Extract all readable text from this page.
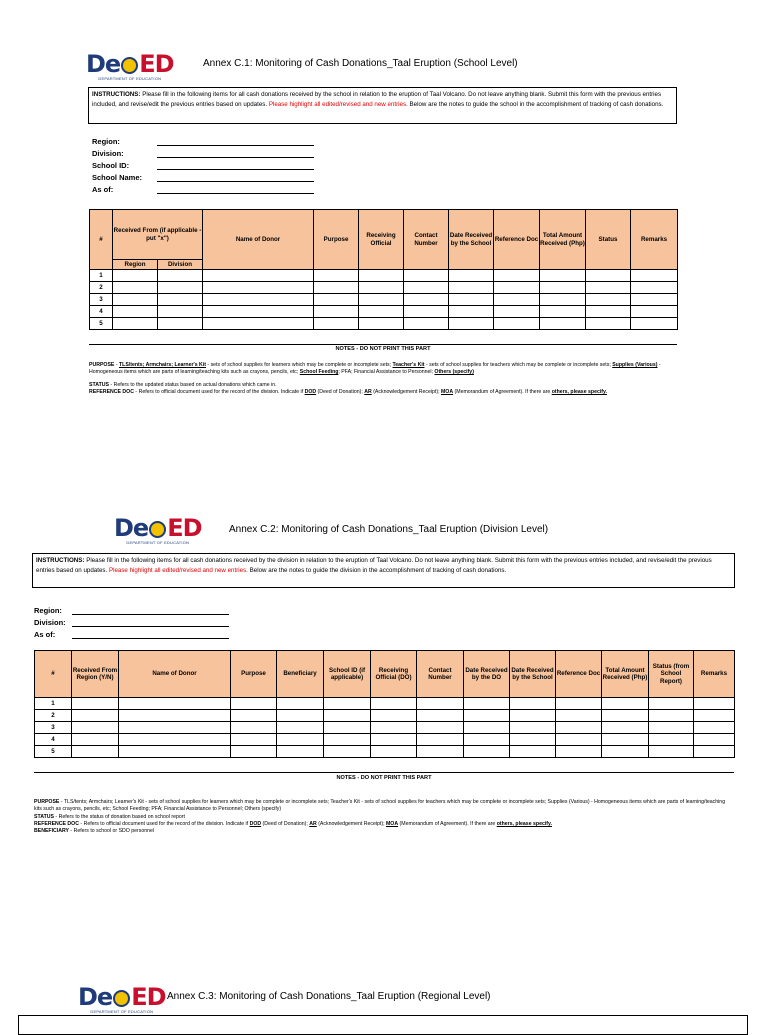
De ED
DEPARTMENT OF EDUCATION
Annex C.1: Monitoring of Cash Donations_Taal Eruption (School Level)
INSTRUCTIONS: Please fill in the following items for all cash donations received by the school in relation to the eruption of Taal Volcano. Do not leave anything blank. Submit this form with the previous entries included, and revise/edit the previous entries based on updates. Please highlight all edited/revised and new entries. Below are the notes to guide the school in the accomplishment of tracking of cash donations.
Region:
Division:
School ID:
School Name:
As of:
#	Received From (if applicable - put "x")		Name of Donor	Purpose	Receiving Official	Contact Number	Date Received by the School	Reference Doc	Total Amount Received (Php)	Status	Remarks
	Region	Division									
1											
2											
3											
4											
5											
NOTES - DO NOT PRINT THIS PART

PURPOSE - TLS/tents; Armchairs; Learner's Kit - sets of school supplies for learners which may be complete or incomplete sets; Teacher's Kit - sets of school supplies for teachers which may be complete or incomplete sets; Supplies (Various) - Homogeneous items which are parts of learning/teaching kits such as crayons, pencils, etc; School Feeding; PFA; Financial Assistance to Personnel; Others (specify)

STATUS - Refers to the updated status based on actual donations which came in.

REFERENCE DOC - Refers to official document used for the record of the division. Indicate if DOD (Deed of Donation); AR (Acknowledgement Receipt); MOA (Memorandum of Agreement). If there are others, please specify.

De ED
DEPARTMENT OF EDUCATION
Annex C.2: Monitoring of Cash Donations_Taal Eruption (Division Level)
INSTRUCTIONS: Please fill in the following items for all cash donations received by the division in relation to the eruption of Taal Volcano. Do not leave anything blank. Submit this form with the previous entries included, and revise/edit the previous entries based on updates. Please highlight all edited/revised and new entries. Below are the notes to guide the division in the accomplishment of tracking of cash donations.
Region:
Division:
As of:
#	Received From Region (Y/N)	Name of Donor	Purpose	Beneficiary	School ID (if applicable)	Receiving Official (DO)	Contact Number	Date Received by the DO	Date Received by the School	Reference Doc	Total Amount Received (Php)	Status (from School Report)	Remarks
1													
2													
3													
4													
5													
NOTES - DO NOT PRINT THIS PART

PURPOSE - TLS/tents; Armchairs; Learner's Kit - sets of school supplies for learners which may be complete or incomplete sets; Teacher's Kit - sets of school supplies for teachers which may be complete or incomplete sets; Supplies (Various) - Homogeneous items which are parts of learning/teaching kits such as crayons, pencils, etc; School Feeding; PFA; Financial Assistance to Personnel; Others (specify)

STATUS - Refers to the status of donation based on school report

REFERENCE DOC - Refers to official document used for the record of the division. Indicate if DOD (Deed of Donation); AR (Acknowledgement Receipt); MOA (Memorandum of Agreement). If there are others, please specify.

BENEFICIARY - Refers to school or SDO personnel

De ED
DEPARTMENT OF EDUCATION
Annex C.3: Monitoring of Cash Donations_Taal Eruption (Regional Level)
